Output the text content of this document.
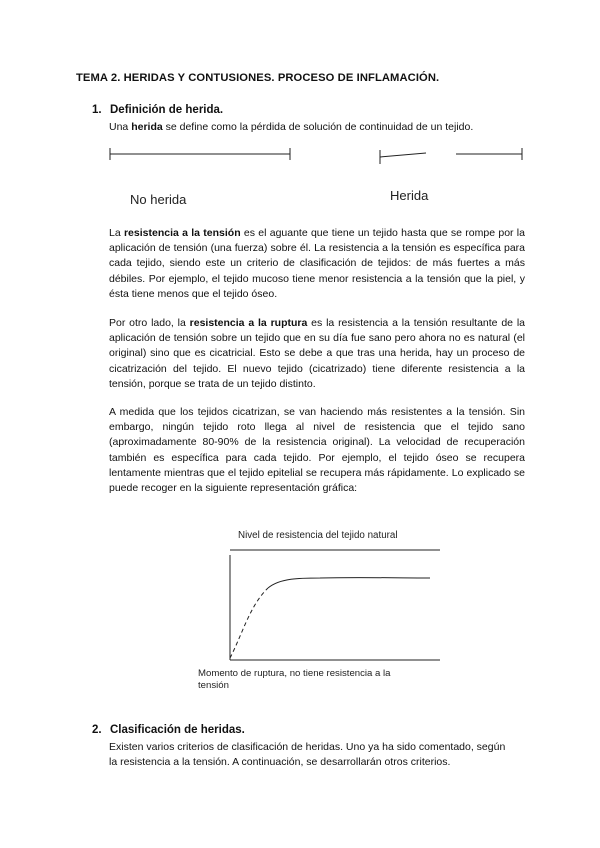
TEMA 2. HERIDAS Y CONTUSIONES. PROCESO DE INFLAMACIÓN.
1. Definición de herida.
Una herida se define como la pérdida de solución de continuidad de un tejido.
No herida	Herida
La resistencia a la tensión es el aguante que tiene un tejido hasta que se rompe por la aplicación de tensión (una fuerza) sobre él. La resistencia a la tensión es específica para cada tejido, siendo este un criterio de clasificación de tejidos: de más fuertes a más débiles. Por ejemplo, el tejido mucoso tiene menor resistencia a la tensión que la piel, y ésta tiene menos que el tejido óseo.
Por otro lado, la resistencia a la ruptura es la resistencia a la tensión resultante de la aplicación de tensión sobre un tejido que en su día fue sano pero ahora no es natural (el original) sino que es cicatricial. Esto se debe a que tras una herida, hay un proceso de cicatrización del tejido. El nuevo tejido (cicatrizado) tiene diferente resistencia a la tensión, porque se trata de un tejido distinto.
A medida que los tejidos cicatrizan, se van haciendo más resistentes a la tensión. Sin embargo, ningún tejido roto llega al nivel de resistencia que el tejido sano (aproximadamente 80-90% de la resistencia original). La velocidad de recuperación también es específica para cada tejido. Por ejemplo, el tejido óseo se recupera lentamente mientras que el tejido epitelial se recupera más rápidamente. Lo explicado se puede recoger en la siguiente representación gráfica:
Nivel de resistencia del tejido natural
Momento de ruptura, no tiene resistencia a la
tensión
2. Clasificación de heridas.
Existen varios criterios de clasificación de heridas. Uno ya ha sido comentado, según
la resistencia a la tensión. A continuación, se desarrollarán otros criterios.
